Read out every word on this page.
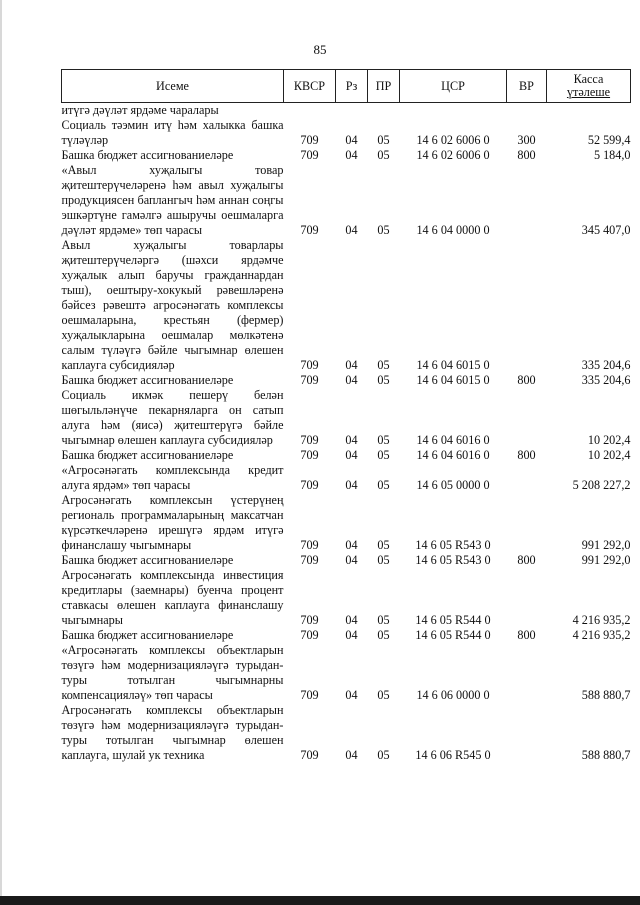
85
Исеме	КВСР	Рз	ПР	ЦСР	ВР	Касса
үтәлеше

итүгә дәүләт ярдәме чаралары						
Социаль тәэмин итү һәм халыкка башка түләүләр	709	04	05	14 6 02 6006 0	300	52 599,4
Башка бюджет ассигнованиеләре	709	04	05	14 6 02 6006 0	800	5 184,0
«Авыл хуҗалыгы товар җитештерүчеләренә һәм авыл хуҗалыгы продукциясен баплангыч һәм аннан соңгы эшкәртүне гамәлгә ашыручы оешмаларга дәүләт ярдәме» төп чарасы	709	04	05	14 6 04 0000 0		345 407,0
Авыл хуҗалыгы товарлары җитештерүчеләргә (шәхси ярдәмче хуҗалык алып баручы гражданнардан тыш), оештыру-хокукый рәвешләренә бәйсез рәвештә агросәнәгать комплексы оешмаларына, крестьян (фермер) хуҗалыкларына оешмалар мөлкәтенә салым түләүгә бәйле чыгымнар өлешен каплауга субсидияләр	709	04	05	14 6 04 6015 0		335 204,6
Башка бюджет ассигнованиеләре	709	04	05	14 6 04 6015 0	800	335 204,6
Социаль икмәк пешерү белән шөгыльләнүче пекарняларга он сатып алуга һәм (яисә) җитештерүгә бәйле чыгымнар өлешен каплауга субсидияләр	709	04	05	14 6 04 6016 0		10 202,4
Башка бюджет ассигнованиеләре	709	04	05	14 6 04 6016 0	800	10 202,4
«Агросәнәгать комплексында кредит алуга ярдәм» төп чарасы	709	04	05	14 6 05 0000 0		5 208 227,2
Агросәнәгать комплексын үстерүнең региональ программаларының максатчан күрсәткечләренә ирешүгә ярдәм итүгә финанслашу чыгымнары	709	04	05	14 6 05 R543 0		991 292,0
Башка бюджет ассигнованиеләре	709	04	05	14 6 05 R543 0	800	991 292,0
Агросәнәгать комплексында инвестиция кредитлары (заемнары) буенча процент ставкасы өлешен каплауга финанслашу чыгымнары	709	04	05	14 6 05 R544 0		4 216 935,2
Башка бюджет ассигнованиеләре	709	04	05	14 6 05 R544 0	800	4 216 935,2
«Агросәнәгать комплексы объектларын төзүгә һәм модернизацияләүгә турыдан-туры тотылган чыгымнарны компенсацияләү» төп чарасы	709	04	05	14 6 06 0000 0		588 880,7
Агросәнәгать комплексы объектларын төзүгә һәм модернизацияләүгә турыдан-туры тотылган чыгымнар өлешен каплауга, шулай ук техника	709	04	05	14 6 06 R545 0		588 880,7
